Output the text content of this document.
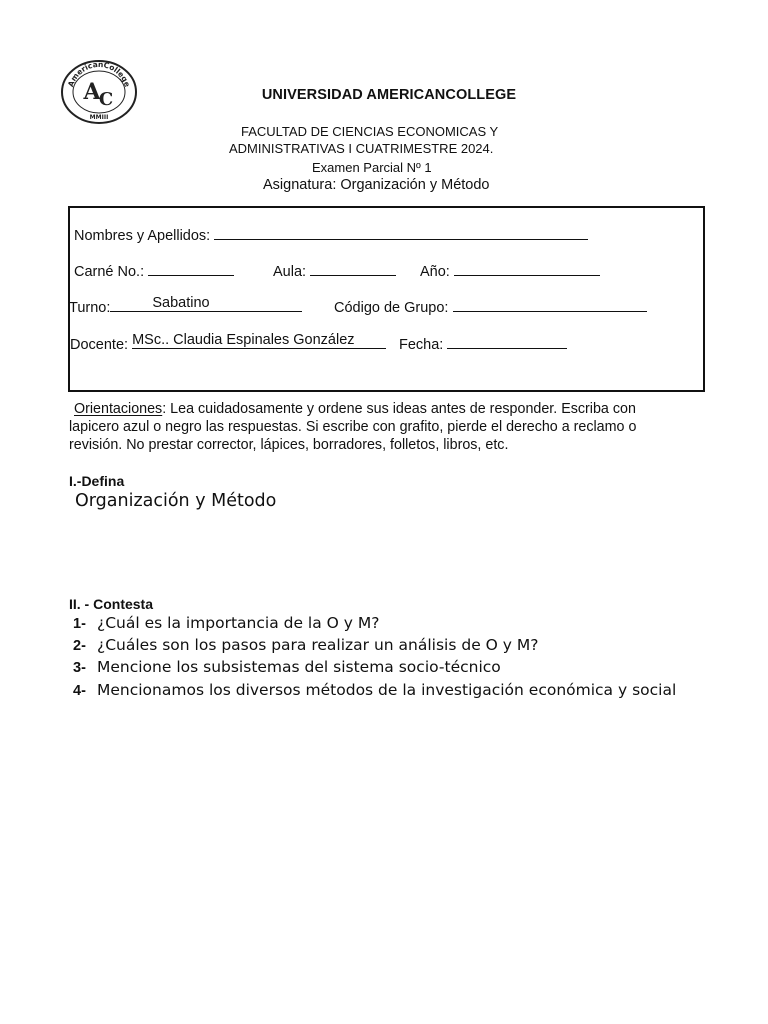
AmericanCollege
A
C
MMIII
UNIVERSIDAD AMERICANCOLLEGE
FACULTAD DE CIENCIAS ECONOMICAS Y
ADMINISTRATIVAS I CUATRIMESTRE 2024.
Examen Parcial Nº 1
Asignatura: Organización y Método
Nombres y Apellidos:
Carné No.:	Aula:	Año:
Turno:	Sabatino	Código de Grupo:
Docente: MSc.. Claudia Espinales González	Fecha:
Orientaciones: Lea cuidadosamente y ordene sus ideas antes de responder. Escriba con
lapicero azul o negro las respuestas. Si escribe con grafito, pierde el derecho a reclamo o
revisión. No prestar corrector, lápices, borradores, folletos, libros, etc.
I.-Defina
Organización y Método
II. - Contesta
1- ¿Cuál es la importancia de la O y M?
2- ¿Cuáles son los pasos para realizar un análisis de O y M?
3- Mencione los subsistemas del sistema socio-técnico
4- Mencionamos los diversos métodos de la investigación económica y social
